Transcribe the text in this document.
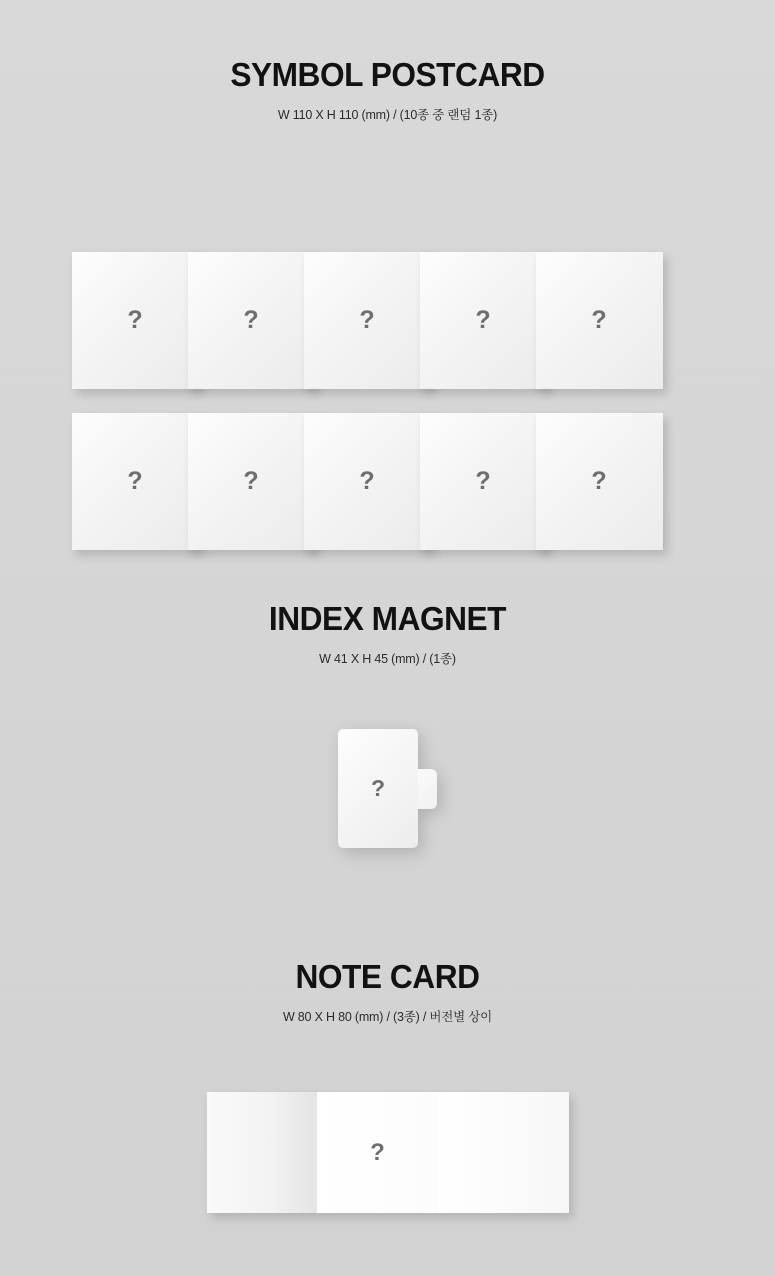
SYMBOL POSTCARD
W 110 X H 110 (mm) / (10종 중 랜덤 1종)
?	?	?	?	?
?	?	?	?	?
INDEX MAGNET
W 41 X H 45 (mm) / (1종)
?
NOTE CARD
W 80 X H 80 (mm) / (3종) / 버전별 상이
?
